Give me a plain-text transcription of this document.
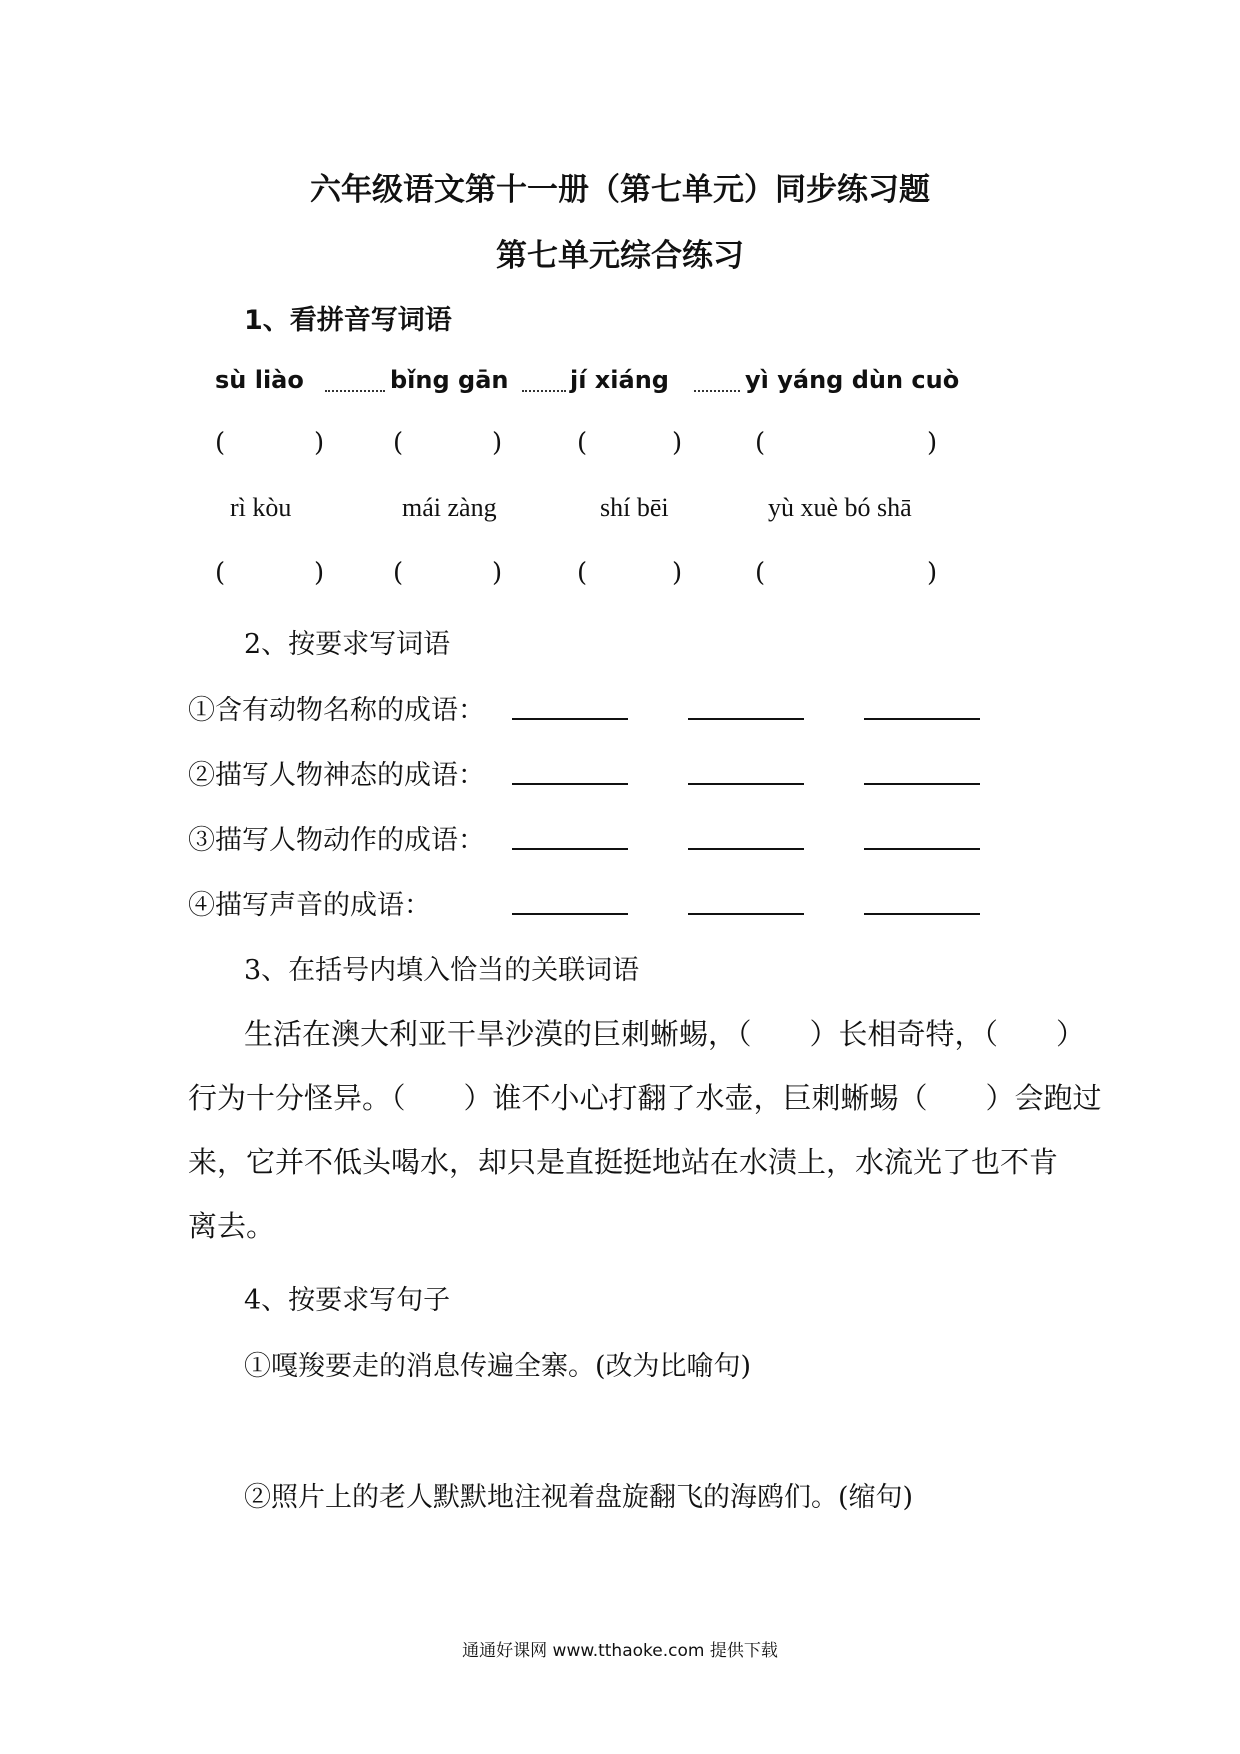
六年级语文第十一册（第七单元）同步练习题
第七单元综合练习
1、看拼音写词语
sù liào	bǐng gān	jí xiáng	yì yáng dùn cuò
(	)	(	)	(	)	(	)
rì kòu	mái zàng	shí bēi	yù xuè bó shā
(	)	(	)	(	)	(	)
2、按要求写词语
①含有动物名称的成语：
②描写人物神态的成语：
③描写人物动作的成语：
④描写声音的成语：
3、在括号内填入恰当的关联词语
生活在澳大利亚干旱沙漠的巨刺蜥蜴，（　　）长相奇特，（　　）
行为十分怪异。（　　）谁不小心打翻了水壶，巨刺蜥蜴（　　）会跑过
来，它并不低头喝水，却只是直挺挺地站在水渍上，水流光了也不肯
离去。
4、按要求写句子
①嘎羧要走的消息传遍全寨。(改为比喻句)
②照片上的老人默默地注视着盘旋翻飞的海鸥们。(缩句)
通通好课网 www.tthaoke.com 提供下载
